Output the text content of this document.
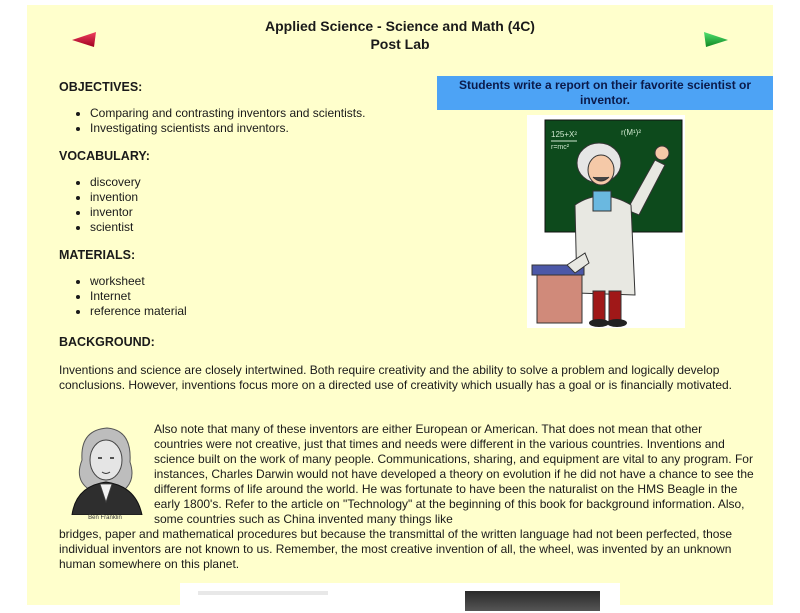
Applied Science - Science and Math (4C)
Post Lab
OBJECTIVES:
• Comparing and contrasting inventors and scientists.
• Investigating scientists and inventors.
VOCABULARY:
• discovery
• invention
• inventor
• scientist
MATERIALS:
• worksheet
• Internet
• reference material
BACKGROUND:
Students write a report on their favorite scientist or inventor.
125+X²
r=mc²
r(M¹)²

Inventions and science are closely intertwined. Both require creativity and the ability to solve a problem and logically develop conclusions. However, inventions focus more on a directed use of creativity which usually has a goal or is financially motivated.

Ben Franklin

Also note that many of these inventors are either European or American. That does not mean that other countries were not creative, just that times and needs were different in the various countries. Inventions and science built on the work of many people. Communications, sharing, and equipment are vital to any program. For instances, Charles Darwin would not have developed a theory on evolution if he did not have a chance to see the different forms of life around the world. He was fortunate to have been the naturalist on the HMS Beagle in the early 1800's. Refer to the article on "Technology" at the beginning of this book for background information. Also, some countries such as China invented many things like

bridges, paper and mathematical procedures but because the transmittal of the written language had not been perfected, those individual inventors are not known to us. Remember, the most creative invention of all, the wheel, was invented by an unknown human somewhere on this planet.
